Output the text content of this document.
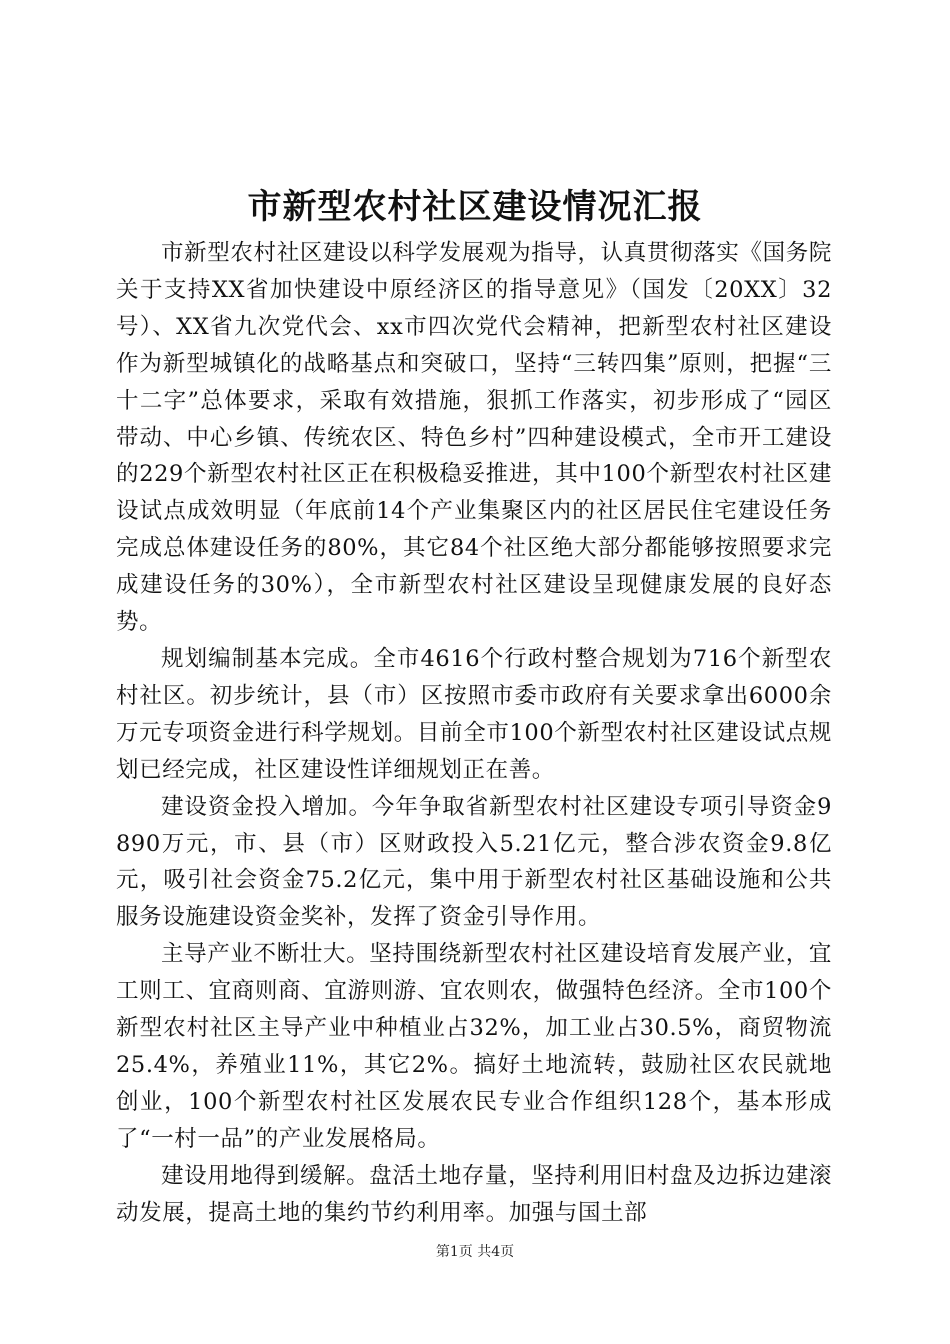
市新型农村社区建设情况汇报

市新型农村社区建设以科学发展观为指导，认真贯彻落实《国务院关于支持XX省加快建设中原经济区的指导意见》（国发〔20XX〕32号）、XX省九次党代会、xx市四次党代会精神，把新型农村社区建设作为新型城镇化的战略基点和突破口，坚持“三转四集”原则，把握“三十二字”总体要求，采取有效措施，狠抓工作落实，初步形成了“园区带动、中心乡镇、传统农区、特色乡村”四种建设模式，全市开工建设的229个新型农村社区正在积极稳妥推进，其中100个新型农村社区建设试点成效明显（年底前14个产业集聚区内的社区居民住宅建设任务完成总体建设任务的80%，其它84个社区绝大部分都能够按照要求完成建设任务的30%），全市新型农村社区建设呈现健康发展的良好态势。

规划编制基本完成。全市4616个行政村整合规划为716个新型农村社区。初步统计，县（市）区按照市委市政府有关要求拿出6000余万元专项资金进行科学规划。目前全市100个新型农村社区建设试点规划已经完成，社区建设性详细规划正在善。

建设资金投入增加。今年争取省新型农村社区建设专项引导资金9890万元，市、县（市）区财政投入5.21亿元，整合涉农资金9.8亿元，吸引社会资金75.2亿元，集中用于新型农村社区基础设施和公共服务设施建设资金奖补，发挥了资金引导作用。

主导产业不断壮大。坚持围绕新型农村社区建设培育发展产业，宜工则工、宜商则商、宜游则游、宜农则农，做强特色经济。全市100个新型农村社区主导产业中种植业占32%，加工业占30.5%，商贸物流25.4%，养殖业11%，其它2%。搞好土地流转，鼓励社区农民就地创业，100个新型农村社区发展农民专业合作组织128个，基本形成了“一村一品”的产业发展格局。

建设用地得到缓解。盘活土地存量，坚持利用旧村盘及边拆边建滚动发展，提高土地的集约节约利用率。加强与国土部

第1页 共4页
